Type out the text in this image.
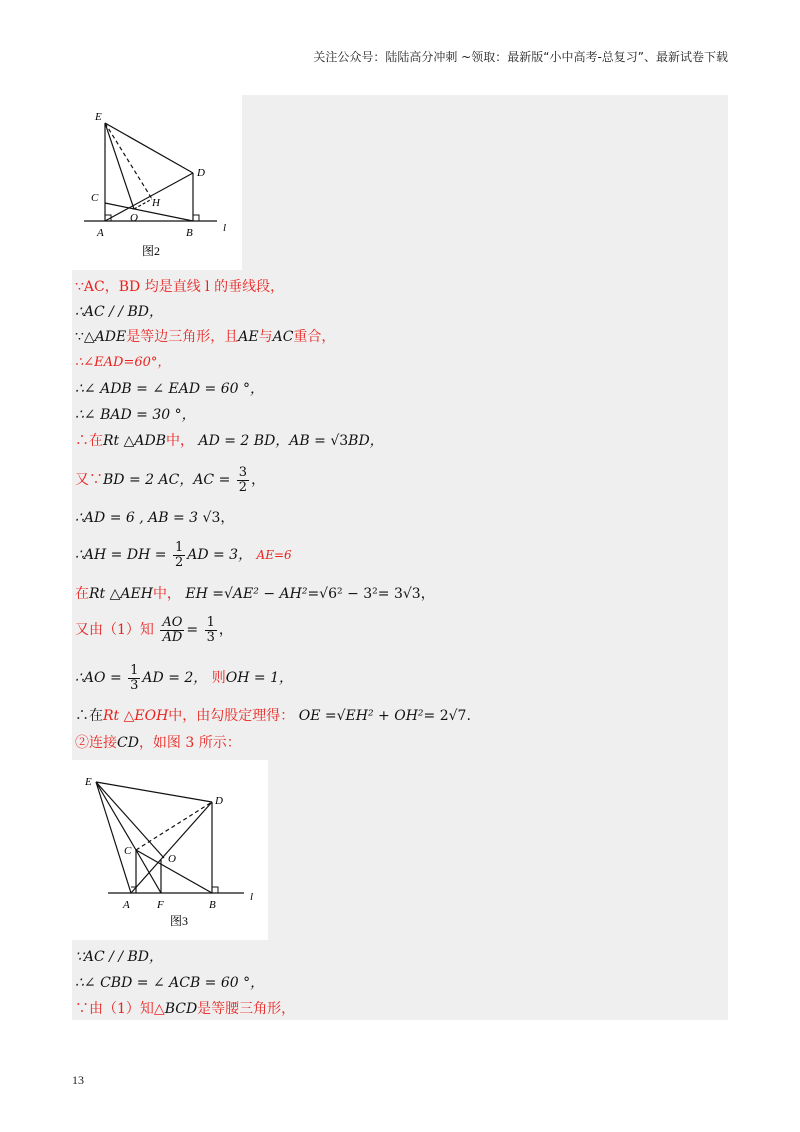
关注公众号：陆陆高分冲刺 ~领取：最新版“小中高考-总复习”、最新试卷下载
E
C
D
H
O
A	B	l
图2
∵AC，BD 均是直线 l 的垂线段，
∴AC / / BD，
∵△ADE是等边三角形，且AE与AC重合，
∴∠EAD=60°，
∴∠ ADB = ∠ EAD = 60 °，
∴∠ BAD = 30 °，
∴在Rt △ADB中， AD = 2 BD，AB = √3BD，
又∵BD = 2 AC，AC = $\frac{3}{2}$ ，
∴AD = 6 , AB = 3 √3，
∴AH = DH = $\frac{1}{2}$ AD = 3， AE=6
在Rt △AEH中， EH =√AE² − AH²=√6² − 3²= 3√3，
又由（1）知 $\frac{AO}{AD} = \frac{1}{3}$ ，
∴AO = $\frac{1}{3}$ AD = 2， 则OH = 1，
∴在Rt △EOH中，由勾股定理得： OE =√EH² + OH²= 2√7.
②连接CD，如图 3 所示：
E
D
C
O
A F	B
l
图3
∵AC / / BD，
∴∠ CBD = ∠ ACB = 60 °，
∵由（1）知△BCD是等腰三角形，
13
